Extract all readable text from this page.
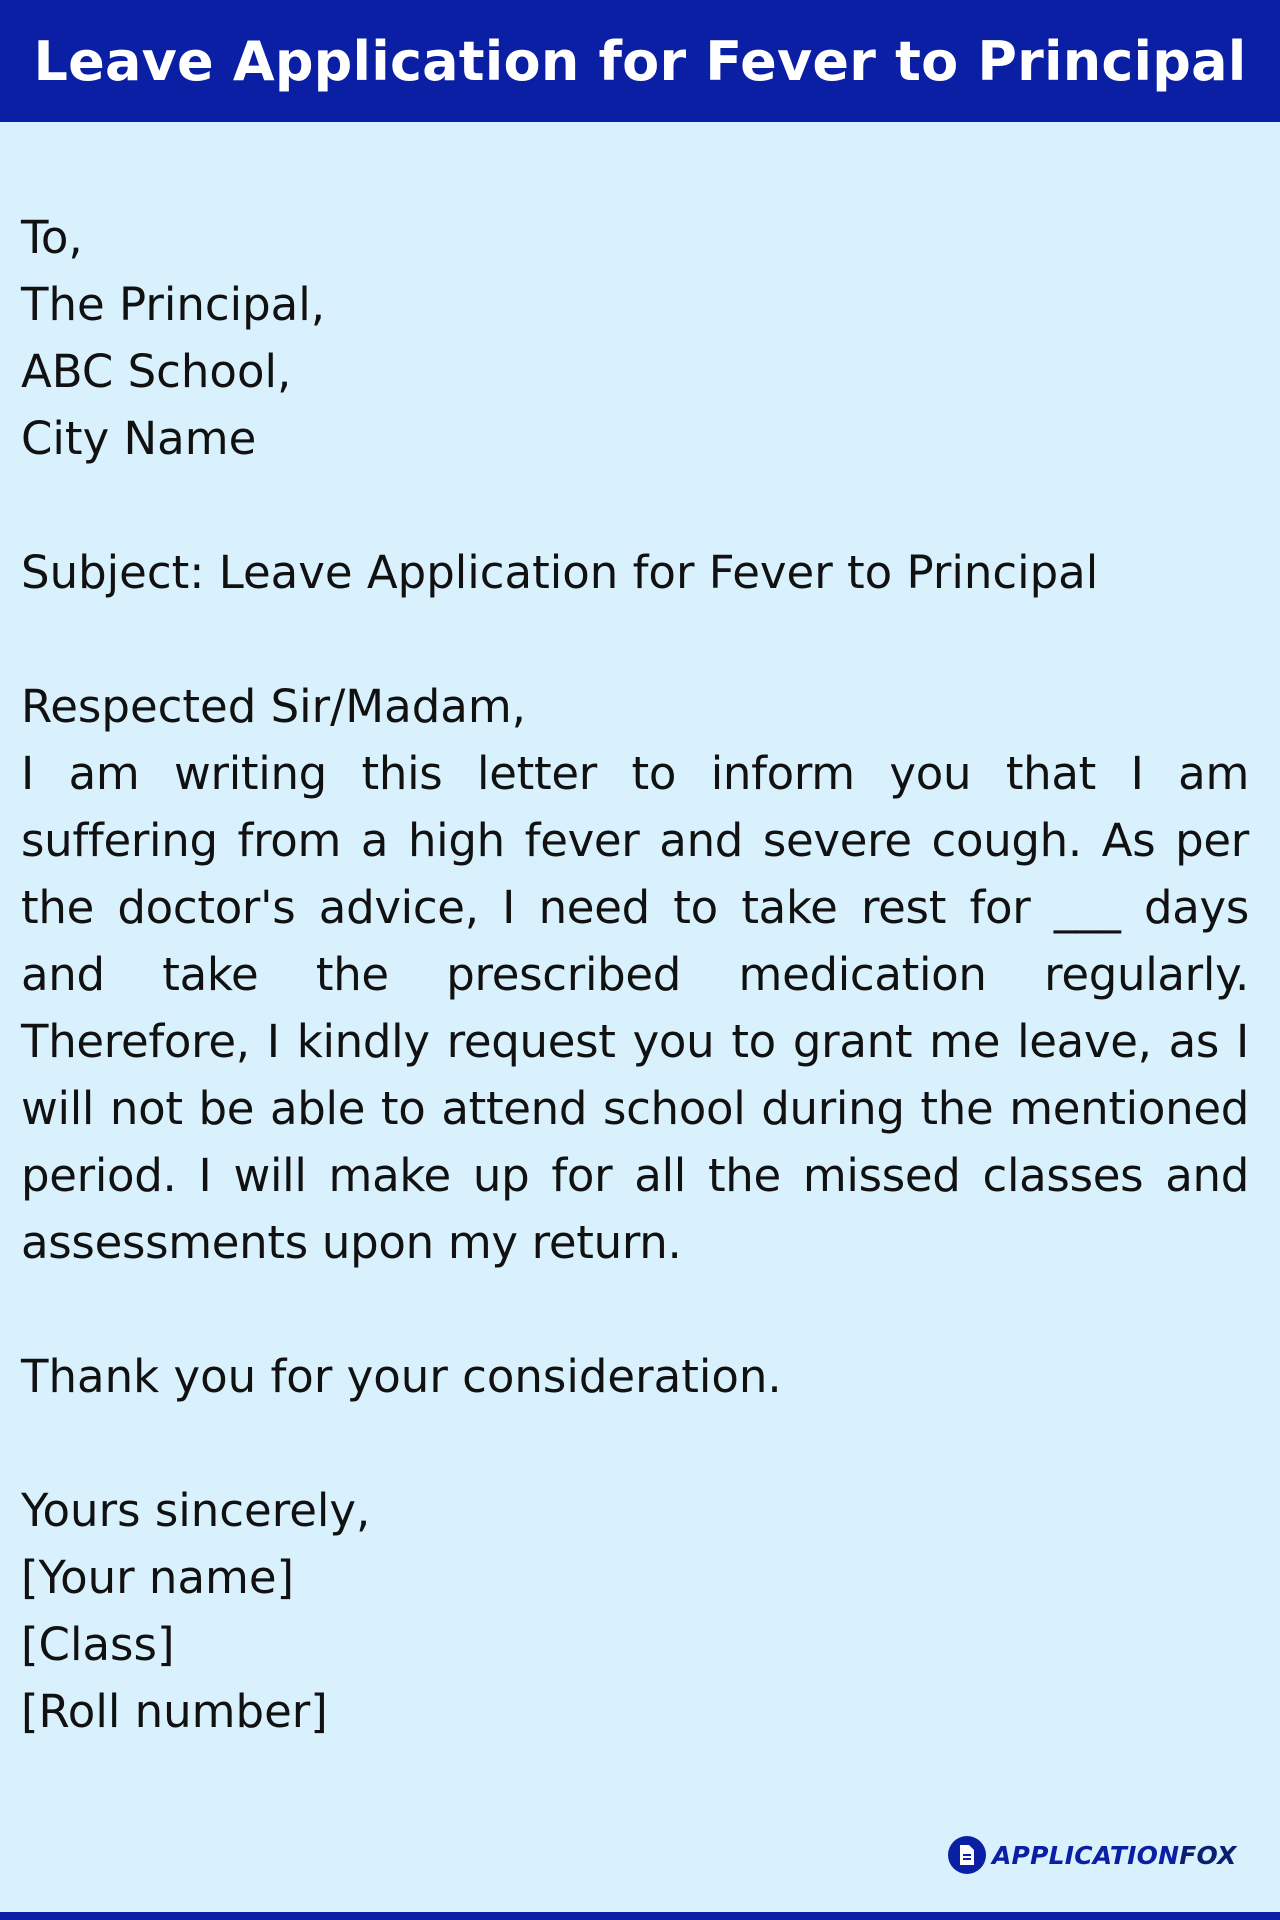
Leave Application for Fever to Principal
To,
The Principal,
ABC School,
City Name
Subject: Leave Application for Fever to Principal
Respected Sir/Madam,

I am writing this letter to inform you that I am suffering from a high fever and severe cough. As per the doctor's advice, I need to take rest for ___ days and take the prescribed medication regularly. Therefore, I kindly request you to grant me leave, as I will not be able to attend school during the mentioned period. I will make up for all the missed classes and assessments upon my return.

Thank you for your consideration.
Yours sincerely,
[Your name]
[Class]
[Roll number]
APPLICATIONFOX
